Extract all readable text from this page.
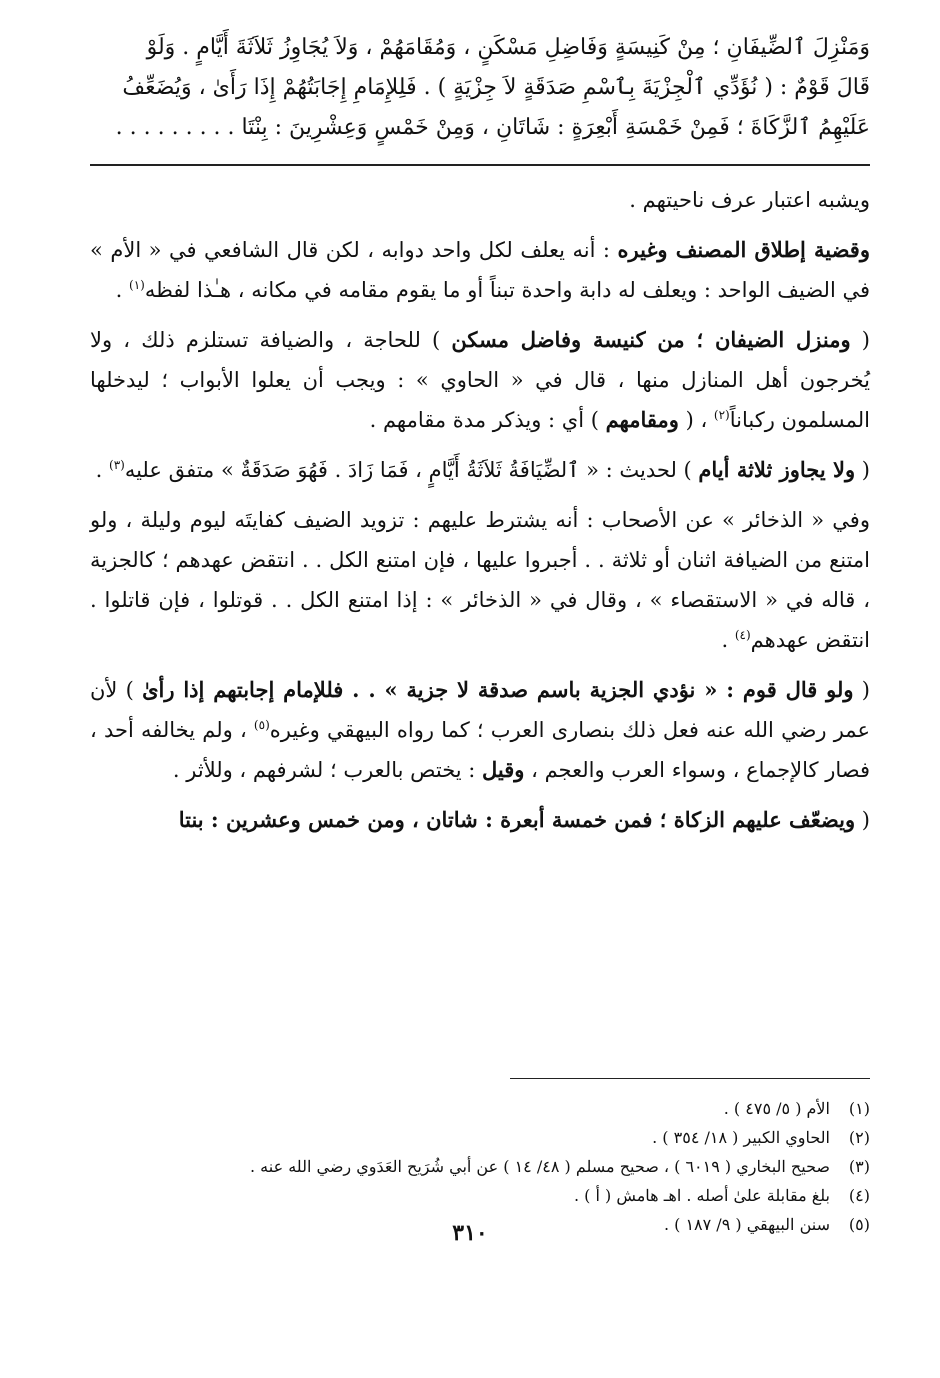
وَمَنْزِلَ ٱلضِّيفَانِ ؛ مِنْ كَنِيسَةٍ وَفَاضِلِ مَسْكَنٍ ، وَمُقَامَهُمْ ، وَلاَ يُجَاوِزُ ثَلاَثَةَ أَيَّامٍ . وَلَوْ

قَالَ قَوْمٌ : ( نُؤَدِّي ٱلْجِزْيَةَ بِٱسْمِ صَدَقَةٍ لاَ جِزْيَةٍ ) . فَلِلإِمَامِ إِجَابَتُهُمْ إِذَا رَأَىٰ ، وَيُضَعِّفُ

عَلَيْهِمُ ٱلزَّكَاةَ ؛ فَمِنْ خَمْسَةِ أَبْعِرَةٍ : شَاتَانِ ، وَمِنْ خَمْسٍ وَعِشْرِينَ : بِنْتَا . . . . . . . . .

ويشبه اعتبار عرف ناحيتهم .

وقضية إطلاق المصنف وغيره : أنه يعلف لكل واحد دوابه ، لكن قال الشافعي في « الأم » في الضيف الواحد : ويعلف له دابة واحدة تبناً أو ما يقوم مقامه في مكانه ، هـٰذا لفظه$^{(١)}$ .

( ومنزل الضيفان ؛ من كنيسة وفاضل مسكن ) للحاجة ، والضيافة تستلزم ذلك ، ولا يُخرجون أهل المنازل منها ، قال في « الحاوي » : ويجب أن يعلوا الأبواب ؛ ليدخلها المسلمون ركباناً$^{(٢)}$ ، ( ومقامهم ) أي : ويذكر مدة مقامهم .

( ولا يجاوز ثلاثة أيام ) لحديث : « ٱلضِّيَافَةُ ثَلاَثَةُ أَيَّامٍ ، فَمَا زَادَ . فَهُوَ صَدَقَةٌ » متفق عليه$^{(٣)}$ .

وفي « الذخائر » عن الأصحاب : أنه يشترط عليهم : تزويد الضيف كفايتَه ليوم وليلة ، ولو امتنع من الضيافة اثنان أو ثلاثة . . أجبروا عليها ، فإن امتنع الكل . . انتقض عهدهم ؛ كالجزية ، قاله في « الاستقصاء » ، وقال في « الذخائر » : إذا امتنع الكل . . قوتلوا ، فإن قاتلوا . انتقض عهدهم$^{(٤)}$ .

( ولو قال قوم : « نؤدي الجزية باسم صدقة لا جزية » . . فللإمام إجابتهم إذا رأىٰ ) لأن عمر رضي الله عنه فعل ذلك بنصارى العرب ؛ كما رواه البيهقي وغيره$^{(٥)}$ ، ولم يخالفه أحد ، فصار كالإجماع ، وسواء العرب والعجم ، وقيل : يختص بالعرب ؛ لشرفهم ، وللأثر .

( ويضعّف عليهم الزكاة ؛ فمن خمسة أبعرة : شاتان ، ومن خمس وعشرين : بنتا

(١)
الأم ( ٥/ ٤٧٥ ) .
(٢)
الحاوي الكبير ( ١٨/ ٣٥٤ ) .
(٣)
صحيح البخاري ( ٦٠١٩ ) ، صحيح مسلم ( ٤٨/ ١٤ ) عن أبي شُرَيح العَدَوي رضي الله عنه .
(٤)
بلغ مقابلة علىٰ أصله . اهـ هامش ( أ ) .
(٥)
سنن البيهقي ( ٩/ ١٨٧ ) .
٣١٠
